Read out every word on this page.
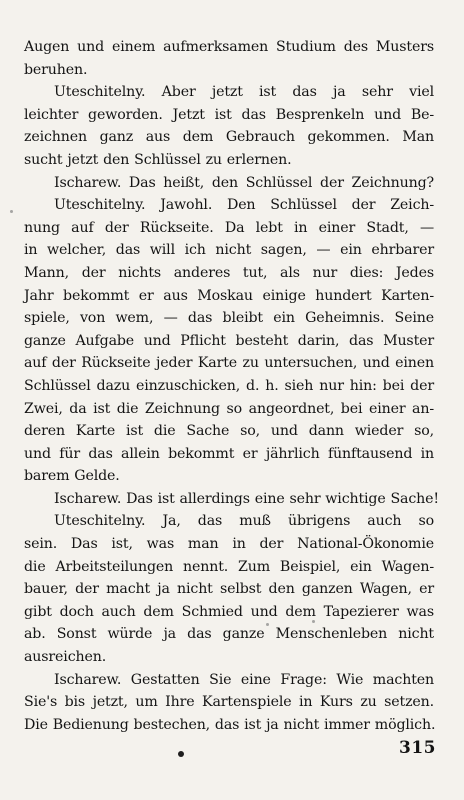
Augen und einem aufmerksamen Studium des Musters
beruhen.
Uteschitelny. Aber jetzt ist das ja sehr viel
leichter geworden. Jetzt ist das Besprenkeln und Be-
zeichnen ganz aus dem Gebrauch gekommen. Man
sucht jetzt den Schlüssel zu erlernen.
Ischarew. Das heißt, den Schlüssel der Zeichnung?
Uteschitelny. Jawohl. Den Schlüssel der Zeich-
nung auf der Rückseite. Da lebt in einer Stadt, —
in welcher, das will ich nicht sagen, — ein ehrbarer
Mann, der nichts anderes tut, als nur dies: Jedes
Jahr bekommt er aus Moskau einige hundert Karten-
spiele, von wem, — das bleibt ein Geheimnis. Seine
ganze Aufgabe und Pflicht besteht darin, das Muster
auf der Rückseite jeder Karte zu untersuchen, und einen
Schlüssel dazu einzuschicken, d. h. sieh nur hin: bei der
Zwei, da ist die Zeichnung so angeordnet, bei einer an-
deren Karte ist die Sache so, und dann wieder so,
und für das allein bekommt er jährlich fünftausend in
barem Gelde.
Ischarew. Das ist allerdings eine sehr wichtige Sache!
Uteschitelny. Ja, das muß übrigens auch so
sein. Das ist, was man in der National-Ökonomie
die Arbeitsteilungen nennt. Zum Beispiel, ein Wagen-
bauer, der macht ja nicht selbst den ganzen Wagen, er
gibt doch auch dem Schmied und dem Tapezierer was
ab. Sonst würde ja das ganze Menschenleben nicht
ausreichen.
Ischarew. Gestatten Sie eine Frage: Wie machten
Sie's bis jetzt, um Ihre Kartenspiele in Kurs zu setzen.
Die Bedienung bestechen, das ist ja nicht immer möglich.
315
